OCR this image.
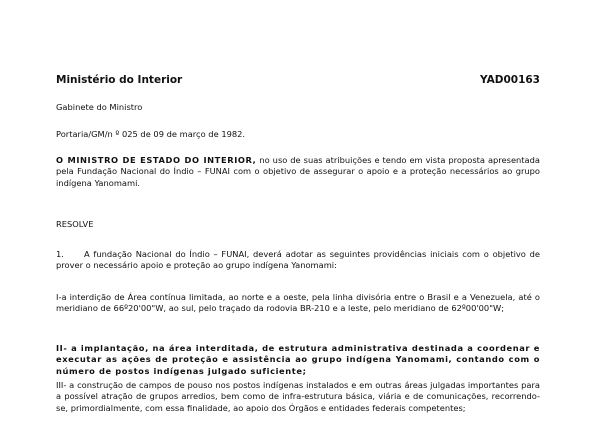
Ministério do Interior	YAD00163

Gabinete do Ministro

Portaria/GM/n º 025 de 09 de março de 1982.

O MINISTRO DE ESTADO DO INTERIOR, no uso de suas atribuições e tendo em vista proposta apresentada pela Fundação Nacional do Índio – FUNAI com o objetivo de assegurar o apoio e a proteção necessários ao grupo indígena Yanomami.

RESOLVE

1. A fundação Nacional do Índio – FUNAI, deverá adotar as seguintes providências iniciais com o objetivo de prover o necessário apoio e proteção ao grupo indígena Yanomami:

I-a interdição de Área contínua limitada, ao norte e a oeste, pela linha divisória entre o Brasil e a Venezuela, até o meridiano de 66º20'00"W, ao sul, pelo traçado da rodovia BR-210 e a leste, pelo meridiano de 62º00'00"W;

II- a implantação, na área interditada, de estrutura administrativa destinada a coordenar e executar as ações de proteção e assistência ao grupo indígena Yanomami, contando com o número de postos indígenas julgado suficiente;

III- a construção de campos de pouso nos postos indígenas instalados e em outras áreas julgadas importantes para a possível atração de grupos arredios, bem como de infra-estrutura básica, viária e de comunicações, recorrendo-se, primordialmente, com essa finalidade, ao apoio dos Órgãos e entidades federais competentes;
